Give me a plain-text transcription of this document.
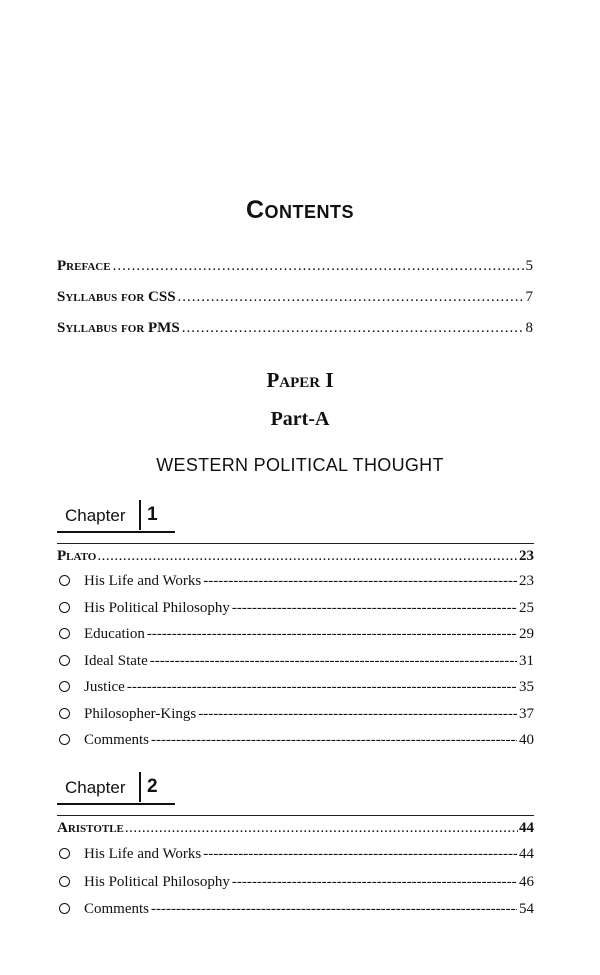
Contents
Preface .....	5
Syllabus for CSS .....	7
Syllabus for PMS .....	8
Paper I
Part-A
WESTERN POLITICAL THOUGHT
Chapter 1
Plato .....	23
His Life and Works -----	23
His Political Philosophy -----	25
Education -----	29
Ideal State -----	31
Justice -----	35
Philosopher-Kings -----	37
Comments -----	40
Chapter 2
Aristotle .....	44
His Life and Works -----	44
His Political Philosophy -----	46
Comments -----	54
